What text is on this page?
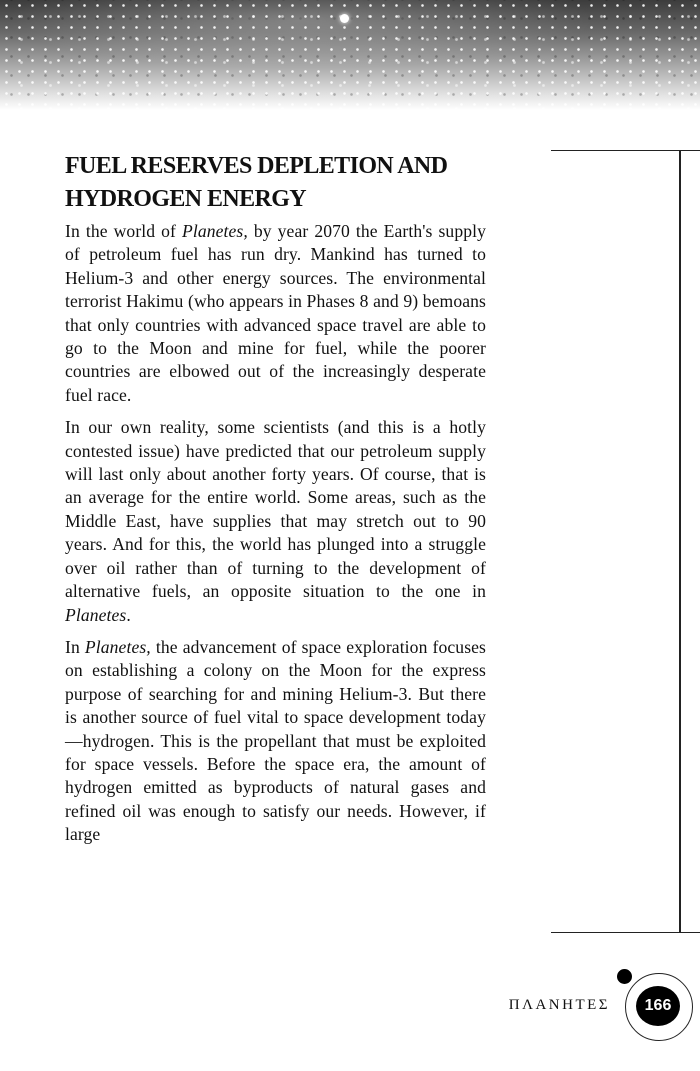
FUEL RESERVES DEPLETION AND
HYDROGEN ENERGY

In the world of Planetes, by year 2070 the Earth's supply of petroleum fuel has run dry. Mankind has turned to Helium-3 and other energy sources. The environmental terrorist Hakimu (who appears in Phases 8 and 9) bemoans that only countries with advanced space travel are able to go to the Moon and mine for fuel, while the poorer countries are elbowed out of the increasingly desperate fuel race.

In our own reality, some scientists (and this is a hotly contested issue) have predicted that our petroleum supply will last only about another forty years. Of course, that is an average for the entire world. Some areas, such as the Middle East, have supplies that may stretch out to 90 years. And for this, the world has plunged into a struggle over oil rather than of turning to the development of alternative fuels, an opposite situation to the one in Planetes.

In Planetes, the advancement of space exploration focuses on establishing a colony on the Moon for the express purpose of searching for and mining Helium-3. But there is another source of fuel vital to space development today—hydrogen. This is the propellant that must be exploited for space vessels. Before the space era, the amount of hydrogen emitted as byproducts of natural gases and refined oil was enough to satisfy our needs. However, if large

ΠΛΑΝΗΤΕΣ	166
